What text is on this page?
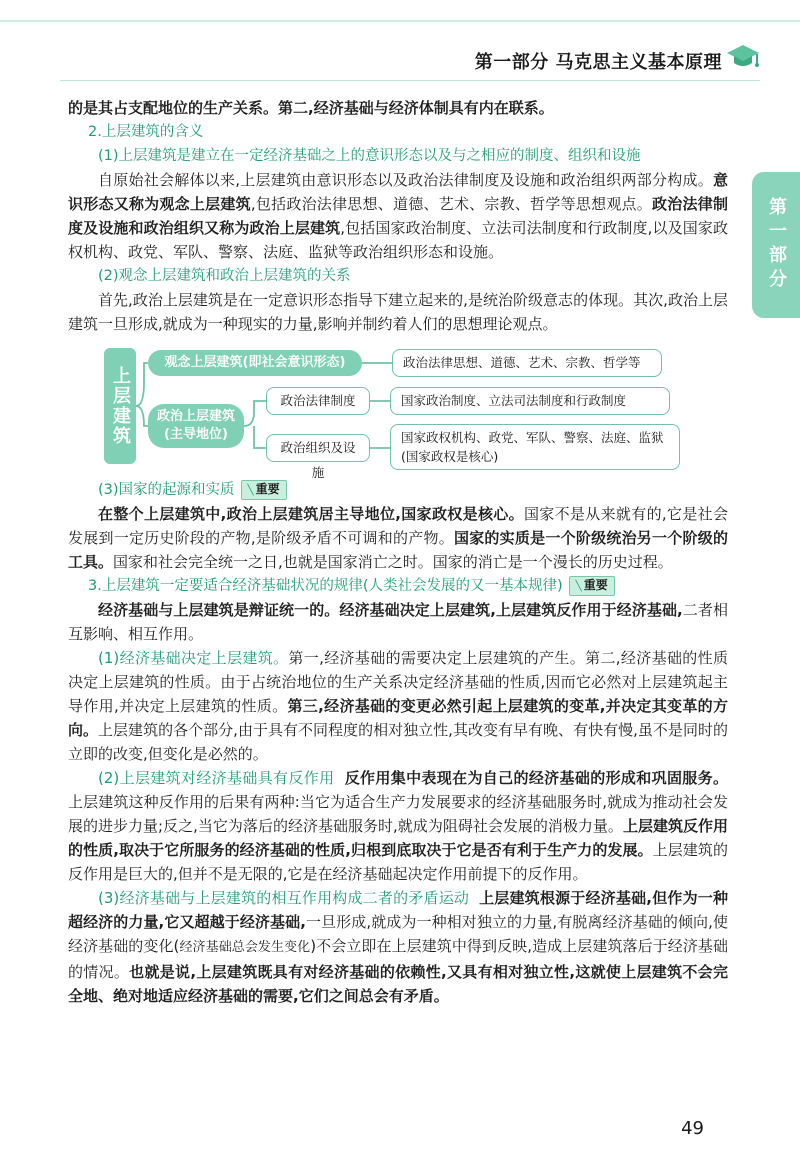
第一部分 马克思主义基本原理
第一部分

的是其占支配地位的生产关系。第二,经济基础与经济体制具有内在联系。

2.上层建筑的含义

(1)上层建筑是建立在一定经济基础之上的意识形态以及与之相应的制度、组织和设施

自原始社会解体以来,上层建筑由意识形态以及政治法律制度及设施和政治组织两部分构成。意识形态又称为观念上层建筑,包括政治法律思想、道德、艺术、宗教、哲学等思想观点。政治法律制度及设施和政治组织又称为政治上层建筑,包括国家政治制度、立法司法制度和行政制度,以及国家政权机构、政党、军队、警察、法庭、监狱等政治组织形态和设施。

(2)观念上层建筑和政治上层建筑的关系

首先,政治上层建筑是在一定意识形态指导下建立起来的,是统治阶级意志的体现。其次,政治上层建筑一旦形成,就成为一种现实的力量,影响并制约着人们的思想理论观点。

上层建筑
观念上层建筑(即社会意识形态)	政治法律思想、道德、艺术、宗教、哲学等
政治上层建筑
(主导地位)
政治法律制度	国家政治制度、立法司法制度和行政制度
政治组织及设施
国家政权机构、政党、军队、警察、法庭、监狱
(国家政权是核心)

(3)国家的起源和实质 ╲ 重要

在整个上层建筑中,政治上层建筑居主导地位,国家政权是核心。国家不是从来就有的,它是社会发展到一定历史阶段的产物,是阶级矛盾不可调和的产物。国家的实质是一个阶级统治另一个阶级的工具。国家和社会完全统一之日,也就是国家消亡之时。国家的消亡是一个漫长的历史过程。

3.上层建筑一定要适合经济基础状况的规律(人类社会发展的又一基本规律) ╲ 重要

经济基础与上层建筑是辩证统一的。经济基础决定上层建筑,上层建筑反作用于经济基础,二者相互影响、相互作用。

(1)经济基础决定上层建筑。第一,经济基础的需要决定上层建筑的产生。第二,经济基础的性质决定上层建筑的性质。由于占统治地位的生产关系决定经济基础的性质,因而它必然对上层建筑起主导作用,并决定上层建筑的性质。第三,经济基础的变更必然引起上层建筑的变革,并决定其变革的方向。上层建筑的各个部分,由于具有不同程度的相对独立性,其改变有早有晚、有快有慢,虽不是同时的立即的改变,但变化是必然的。

(2)上层建筑对经济基础具有反作用 反作用集中表现在为自己的经济基础的形成和巩固服务。上层建筑这种反作用的后果有两种:当它为适合生产力发展要求的经济基础服务时,就成为推动社会发展的进步力量;反之,当它为落后的经济基础服务时,就成为阻碍社会发展的消极力量。上层建筑反作用的性质,取决于它所服务的经济基础的性质,归根到底取决于它是否有利于生产力的发展。上层建筑的反作用是巨大的,但并不是无限的,它是在经济基础起决定作用前提下的反作用。

(3)经济基础与上层建筑的相互作用构成二者的矛盾运动 上层建筑根源于经济基础,但作为一种超经济的力量,它又超越于经济基础,一旦形成,就成为一种相对独立的力量,有脱离经济基础的倾向,使经济基础的变化(经济基础总会发生变化)不会立即在上层建筑中得到反映,造成上层建筑落后于经济基础的情况。也就是说,上层建筑既具有对经济基础的依赖性,又具有相对独立性,这就使上层建筑不会完全地、绝对地适应经济基础的需要,它们之间总会有矛盾。

49
